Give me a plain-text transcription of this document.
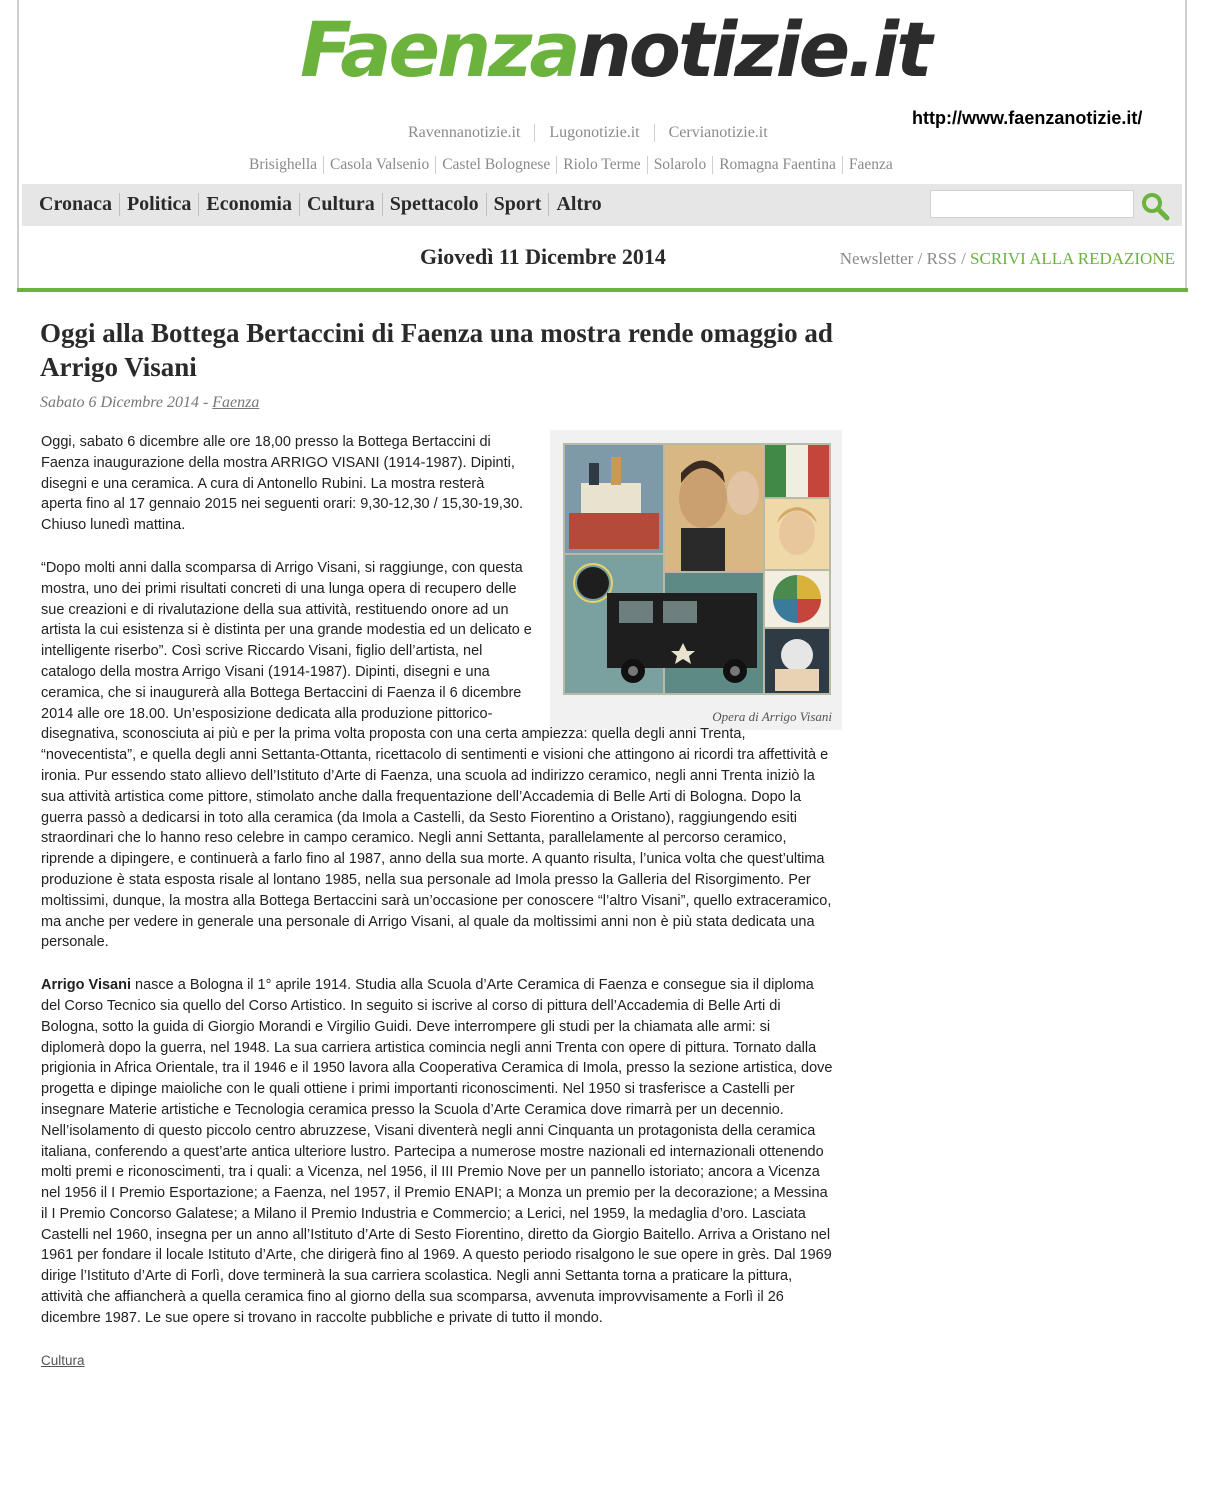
Faenzanotizie.it
http://www.faenzanotizie.it/
Ravennanotizie.it	Lugonotizie.it	Cervianotizie.it
Brisighella Casola Valsenio Castel Bolognese Riolo Terme Solarolo Romagna Faentina Faenza
Cronaca Politica Economia Cultura Spettacolo Sport Altro
Giovedì 11 Dicembre 2014	Newsletter / RSS / SCRIVI ALLA REDAZIONE
Oggi alla Bottega Bertaccini di Faenza una mostra rende omaggio ad Arrigo Visani
Sabato 6 Dicembre 2014 - Faenza
Opera di Arrigo Visani

Oggi, sabato 6 dicembre alle ore 18,00 presso la Bottega Bertaccini di Faenza inaugurazione della mostra ARRIGO VISANI (1914-1987). Dipinti, disegni e una ceramica. A cura di Antonello Rubini. La mostra resterà aperta fino al 17 gennaio 2015 nei seguenti orari: 9,30-12,30 / 15,30-19,30. Chiuso lunedì mattina.

“Dopo molti anni dalla scomparsa di Arrigo Visani, si raggiunge, con questa mostra, uno dei primi risultati concreti di una lunga opera di recupero delle sue creazioni e di rivalutazione della sua attività, restituendo onore ad un artista la cui esistenza si è distinta per una grande modestia ed un delicato e intelligente riserbo”. Così scrive Riccardo Visani, figlio dell’artista, nel catalogo della mostra Arrigo Visani (1914-1987). Dipinti, disegni e una ceramica, che si inaugurerà alla Bottega Bertaccini di Faenza il 6 dicembre 2014 alle ore 18.00. Un’esposizione dedicata alla produzione pittorico-disegnativa, sconosciuta ai più e per la prima volta proposta con una certa ampiezza: quella degli anni Trenta, “novecentista”, e quella degli anni Settanta-Ottanta, ricettacolo di sentimenti e visioni che attingono ai ricordi tra affettività e ironia. Pur essendo stato allievo dell’Istituto d’Arte di Faenza, una scuola ad indirizzo ceramico, negli anni Trenta iniziò la sua attività artistica come pittore, stimolato anche dalla frequentazione dell’Accademia di Belle Arti di Bologna. Dopo la guerra passò a dedicarsi in toto alla ceramica (da Imola a Castelli, da Sesto Fiorentino a Oristano), raggiungendo esiti straordinari che lo hanno reso celebre in campo ceramico. Negli anni Settanta, parallelamente al percorso ceramico, riprende a dipingere, e continuerà a farlo fino al 1987, anno della sua morte. A quanto risulta, l’unica volta che quest’ultima produzione è stata esposta risale al lontano 1985, nella sua personale ad Imola presso la Galleria del Risorgimento. Per moltissimi, dunque, la mostra alla Bottega Bertaccini sarà un’occasione per conoscere “l’altro Visani”, quello extraceramico, ma anche per vedere in generale una personale di Arrigo Visani, al quale da moltissimi anni non è più stata dedicata una personale.

Arrigo Visani nasce a Bologna il 1° aprile 1914. Studia alla Scuola d’Arte Ceramica di Faenza e consegue sia il diploma del Corso Tecnico sia quello del Corso Artistico. In seguito si iscrive al corso di pittura dell’Accademia di Belle Arti di Bologna, sotto la guida di Giorgio Morandi e Virgilio Guidi. Deve interrompere gli studi per la chiamata alle armi: si diplomerà dopo la guerra, nel 1948. La sua carriera artistica comincia negli anni Trenta con opere di pittura. Tornato dalla prigionia in Africa Orientale, tra il 1946 e il 1950 lavora alla Cooperativa Ceramica di Imola, presso la sezione artistica, dove progetta e dipinge maioliche con le quali ottiene i primi importanti riconoscimenti. Nel 1950 si trasferisce a Castelli per insegnare Materie artistiche e Tecnologia ceramica presso la Scuola d’Arte Ceramica dove rimarrà per un decennio. Nell’isolamento di questo piccolo centro abruzzese, Visani diventerà negli anni Cinquanta un protagonista della ceramica italiana, conferendo a quest’arte antica ulteriore lustro. Partecipa a numerose mostre nazionali ed internazionali ottenendo molti premi e riconoscimenti, tra i quali: a Vicenza, nel 1956, il III Premio Nove per un pannello istoriato; ancora a Vicenza nel 1956 il I Premio Esportazione; a Faenza, nel 1957, il Premio ENAPI; a Monza un premio per la decorazione; a Messina il I Premio Concorso Galatese; a Milano il Premio Industria e Commercio; a Lerici, nel 1959, la medaglia d’oro. Lasciata Castelli nel 1960, insegna per un anno all’Istituto d’Arte di Sesto Fiorentino, diretto da Giorgio Baitello. Arriva a Oristano nel 1961 per fondare il locale Istituto d’Arte, che dirigerà fino al 1969. A questo periodo risalgono le sue opere in grès. Dal 1969 dirige l’Istituto d’Arte di Forlì, dove terminerà la sua carriera scolastica. Negli anni Settanta torna a praticare la pittura, attività che affiancherà a quella ceramica fino al giorno della sua scomparsa, avvenuta improvvisamente a Forlì il 26 dicembre 1987. Le sue opere si trovano in raccolte pubbliche e private di tutto il mondo.

Cultura
